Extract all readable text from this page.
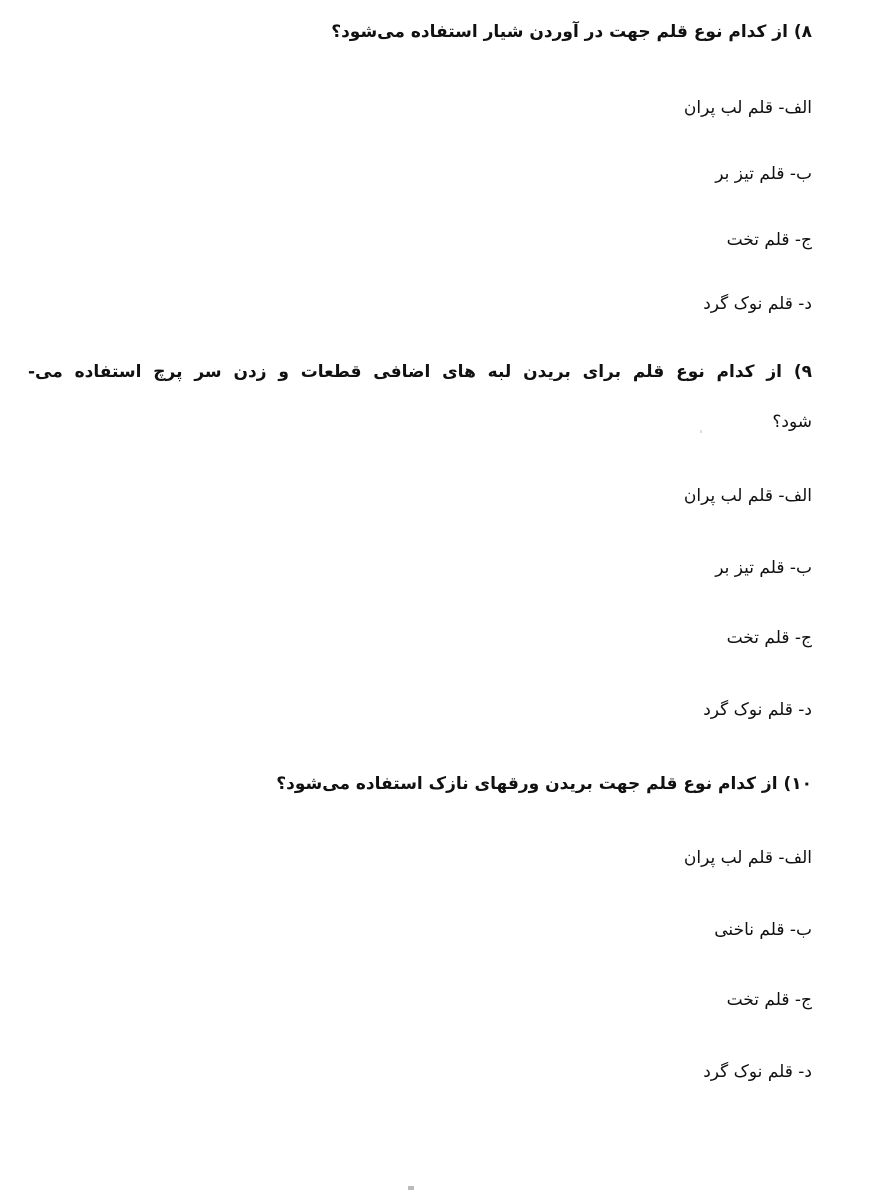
۸) از کدام نوع قلم جهت در آوردن شیار استفاده می‌شود؟
الف- قلم لب پران
ب- قلم تیز بر
ج- قلم تخت
د- قلم نوک گرد
۹) از کدام نوع قلم برای بریدن لبه های اضافی قطعات و زدن سر پرچ استفاده می-
شود؟
الف- قلم لب پران
ب- قلم تیز بر
ج- قلم تخت
د- قلم نوک گرد
۱۰) از کدام نوع قلم جهت بریدن ورقهای نازک استفاده می‌شود؟
الف- قلم لب پران
ب- قلم ناخنی
ج- قلم تخت
د- قلم نوک گرد
